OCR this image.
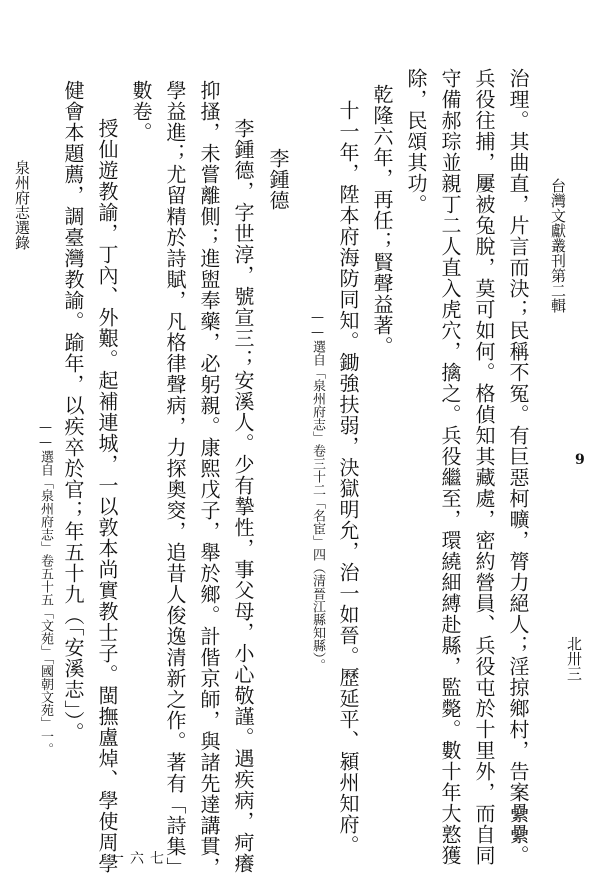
台灣文獻叢刊第二輯
9
北卅三
治理。其曲直，片言而決；民稱不冤。有巨惡柯曠，膂力絕人；淫掠鄉村，告案纍纍。
兵役往捕，屢被兔脫，莫可如何。格偵知其藏處，密約營員、兵役屯於十里外，而自同
守備郝琮並親丁二人直入虎穴，擒之。兵役繼至，環繞細縛赴縣，監斃。數十年大憝獲
除，民頌其功。
乾隆六年，再任；賢聲益著。
十一年，陞本府海防同知。鋤強扶弱，決獄明允，治一如晉。歷延平、潁州知府。
——選自「泉州府志」卷三十二「名宦」四（清晉江縣知縣）。
李鍾德
李鍾德，字世淳，號宣三；安溪人。少有摯性，事父母，小心敬謹。遇疾病，疴癢
抑搔，未嘗離側；進盥奉藥，必躬親。康熙戊子，舉於鄉。計偕京師，與諸先達講貫，
學益進；尤留精於詩賦，凡格律聲病，力探奧窔，追昔人俊逸清新之作。著有「詩集」
數卷。
授仙遊教諭，丁內、外艱。起補連城，一以敦本尚實教士子。閩撫盧焯、學使周學
健會本題薦，調臺灣教諭。踰年，以疾卒於官；年五十九（「安溪志」）。
——選自「泉州府志」卷五十五「文苑」「國朝文苑」一。
泉州府志選錄
一六七
